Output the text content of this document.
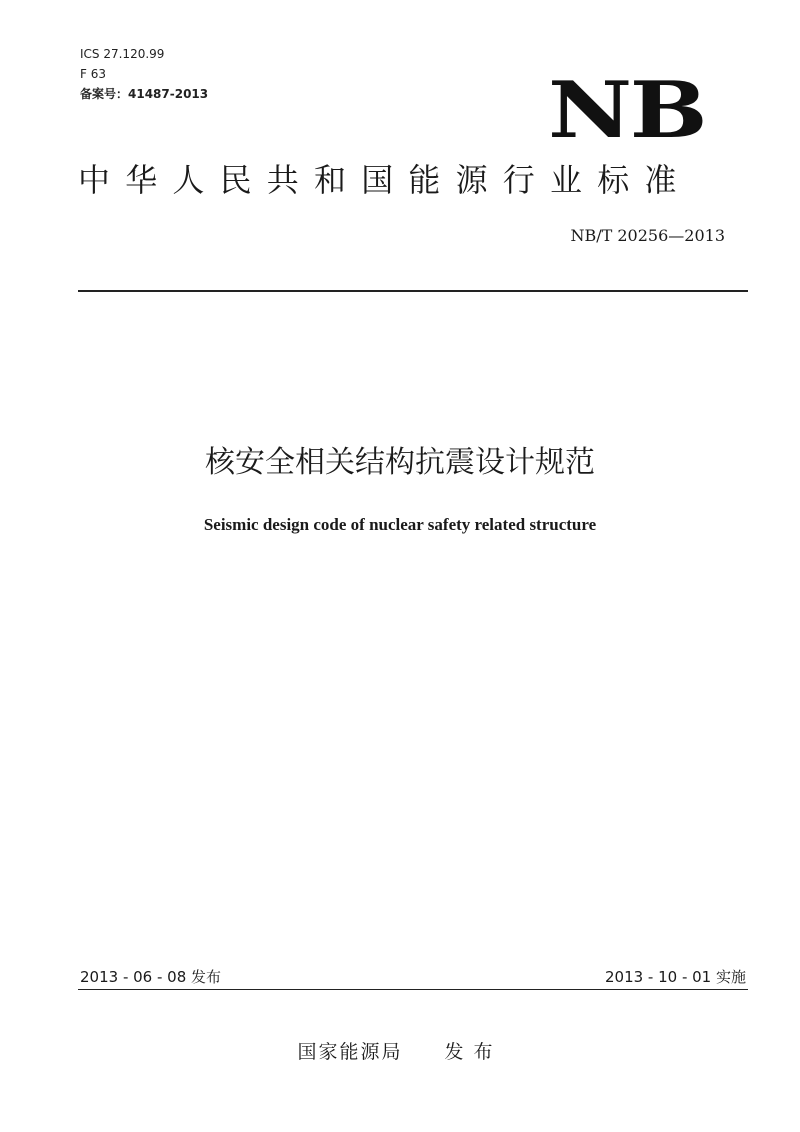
ICS 27.120.99
F 63
备案号：41487-2013	NB
中华人民共和国能源行业标准
NB/T 20256—2013
核安全相关结构抗震设计规范
Seismic design code of nuclear safety related structure
2013 - 06 - 08 发布	2013 - 10 - 01 实施
国家能源局 发布
